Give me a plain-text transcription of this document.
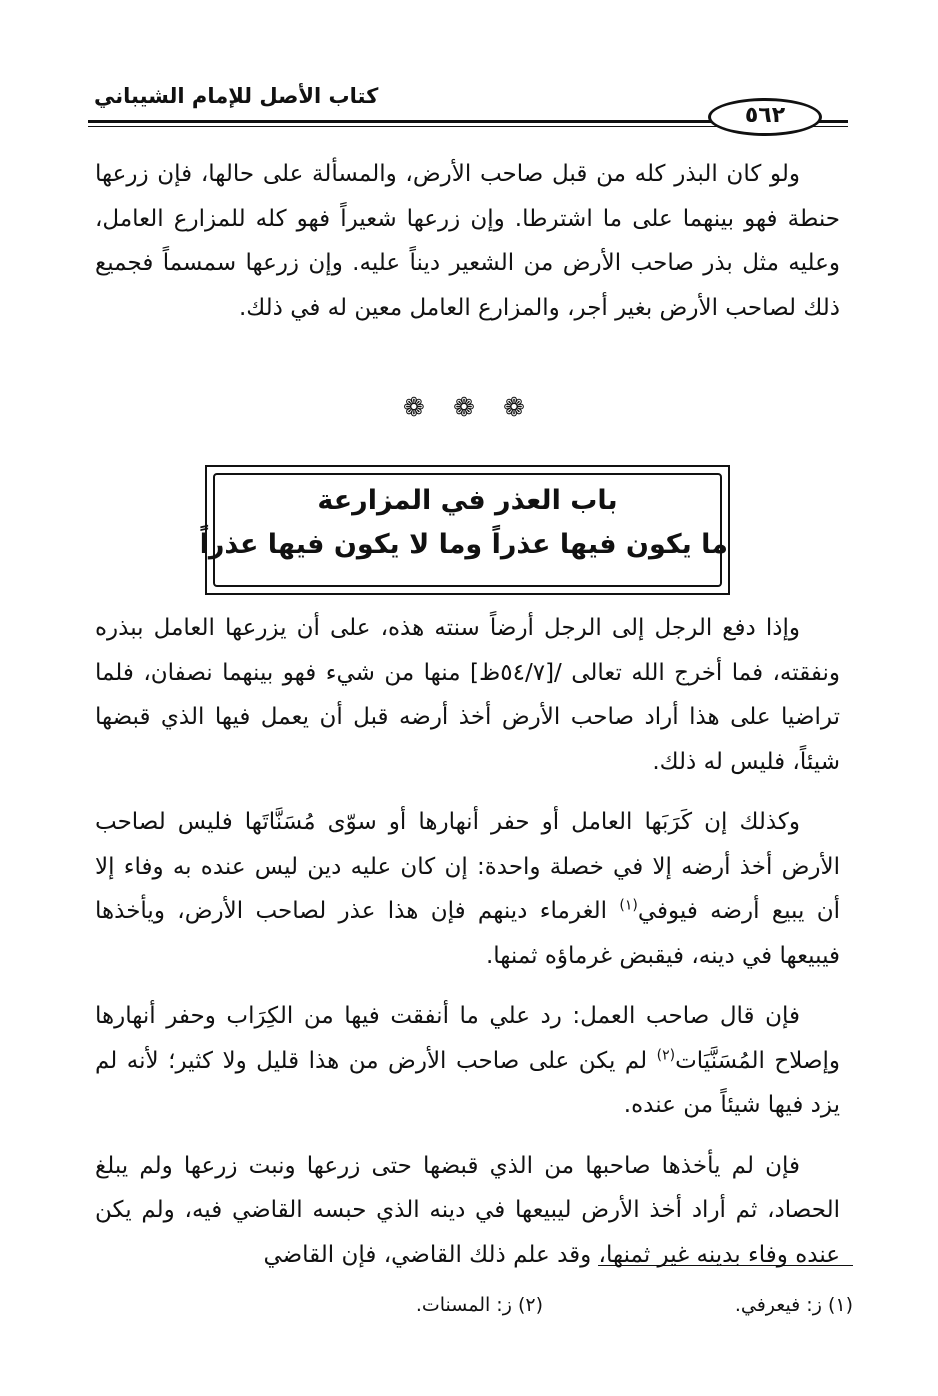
كتاب الأصل للإمام الشيباني
٥٦٢

ولو كان البذر كله من قبل صاحب الأرض، والمسألة على حالها، فإن زرعها حنطة فهو بينهما على ما اشترطا. وإن زرعها شعيراً فهو كله للمزارع العامل، وعليه مثل بذر صاحب الأرض من الشعير ديناً عليه. وإن زرعها سمسماً فجميع ذلك لصاحب الأرض بغير أجر، والمزارع العامل معين له في ذلك.

❁ ❁ ❁
باب العذر في المزارعة
ما يكون فيها عذراً وما لا يكون فيها عذراً

وإذا دفع الرجل إلى الرجل أرضاً سنته هذه، على أن يزرعها العامل ببذره ونفقته، فما أخرج الله تعالى /[٥٤/٧ظ] منها من شيء فهو بينهما نصفان، فلما تراضيا على هذا أراد صاحب الأرض أخذ أرضه قبل أن يعمل فيها الذي قبضها شيئاً، فليس له ذلك.

وكذلك إن كَرَبَها العامل أو حفر أنهارها أو سوّى مُسَنَّاتَها فليس لصاحب الأرض أخذ أرضه إلا في خصلة واحدة: إن كان عليه دين ليس عنده به وفاء إلا أن يبيع أرضه فيوفي$^{(١)}$ الغرماء دينهم فإن هذا عذر لصاحب الأرض، ويأخذها فيبيعها في دينه، فيقبض غرماؤه ثمنها.

فإن قال صاحب العمل: رد علي ما أنفقت فيها من الكِرَاب وحفر أنهارها وإصلاح المُسَنَّيَات$^{(٢)}$ لم يكن على صاحب الأرض من هذا قليل ولا كثير؛ لأنه لم يزد فيها شيئاً من عنده.

فإن لم يأخذها صاحبها من الذي قبضها حتى زرعها ونبت زرعها ولم يبلغ الحصاد، ثم أراد أخذ الأرض ليبيعها في دينه الذي حبسه القاضي فيه، ولم يكن عنده وفاء بدينه غير ثمنها، وقد علم ذلك القاضي، فإن القاضي

(١) ز: فيعرفي.
(٢) ز: المسنات.
